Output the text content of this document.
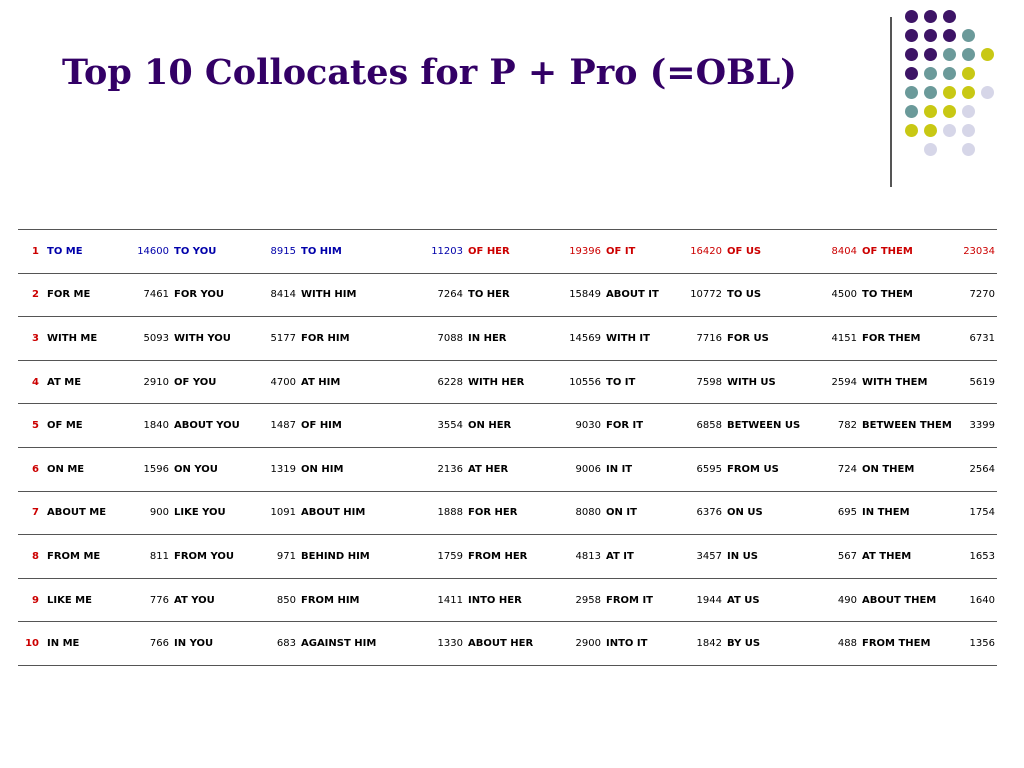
Top 10 Collocates for P + Pro (=OBL)
1	TO ME	14600	TO YOU	8915	TO HIM	11203	OF HER	19396	OF IT	16420	OF US	8404	OF THEM	23034
2	FOR ME	7461	FOR YOU	8414	WITH HIM	7264	TO HER	15849	ABOUT IT	10772	TO US	4500	TO THEM	7270
3	WITH ME	5093	WITH YOU	5177	FOR HIM	7088	IN HER	14569	WITH IT	7716	FOR US	4151	FOR THEM	6731
4	AT ME	2910	OF YOU	4700	AT HIM	6228	WITH HER	10556	TO IT	7598	WITH US	2594	WITH THEM	5619
5	OF ME	1840	ABOUT YOU	1487	OF HIM	3554	ON HER	9030	FOR IT	6858	BETWEEN US	782	BETWEEN THEM	3399
6	ON ME	1596	ON YOU	1319	ON HIM	2136	AT HER	9006	IN IT	6595	FROM US	724	ON THEM	2564
7	ABOUT ME	900	LIKE YOU	1091	ABOUT HIM	1888	FOR HER	8080	ON IT	6376	ON US	695	IN THEM	1754
8	FROM ME	811	FROM YOU	971	BEHIND HIM	1759	FROM HER	4813	AT IT	3457	IN US	567	AT THEM	1653
9	LIKE ME	776	AT YOU	850	FROM HIM	1411	INTO HER	2958	FROM IT	1944	AT US	490	ABOUT THEM	1640
10	IN ME	766	IN YOU	683	AGAINST HIM	1330	ABOUT HER	2900	INTO IT	1842	BY US	488	FROM THEM	1356
